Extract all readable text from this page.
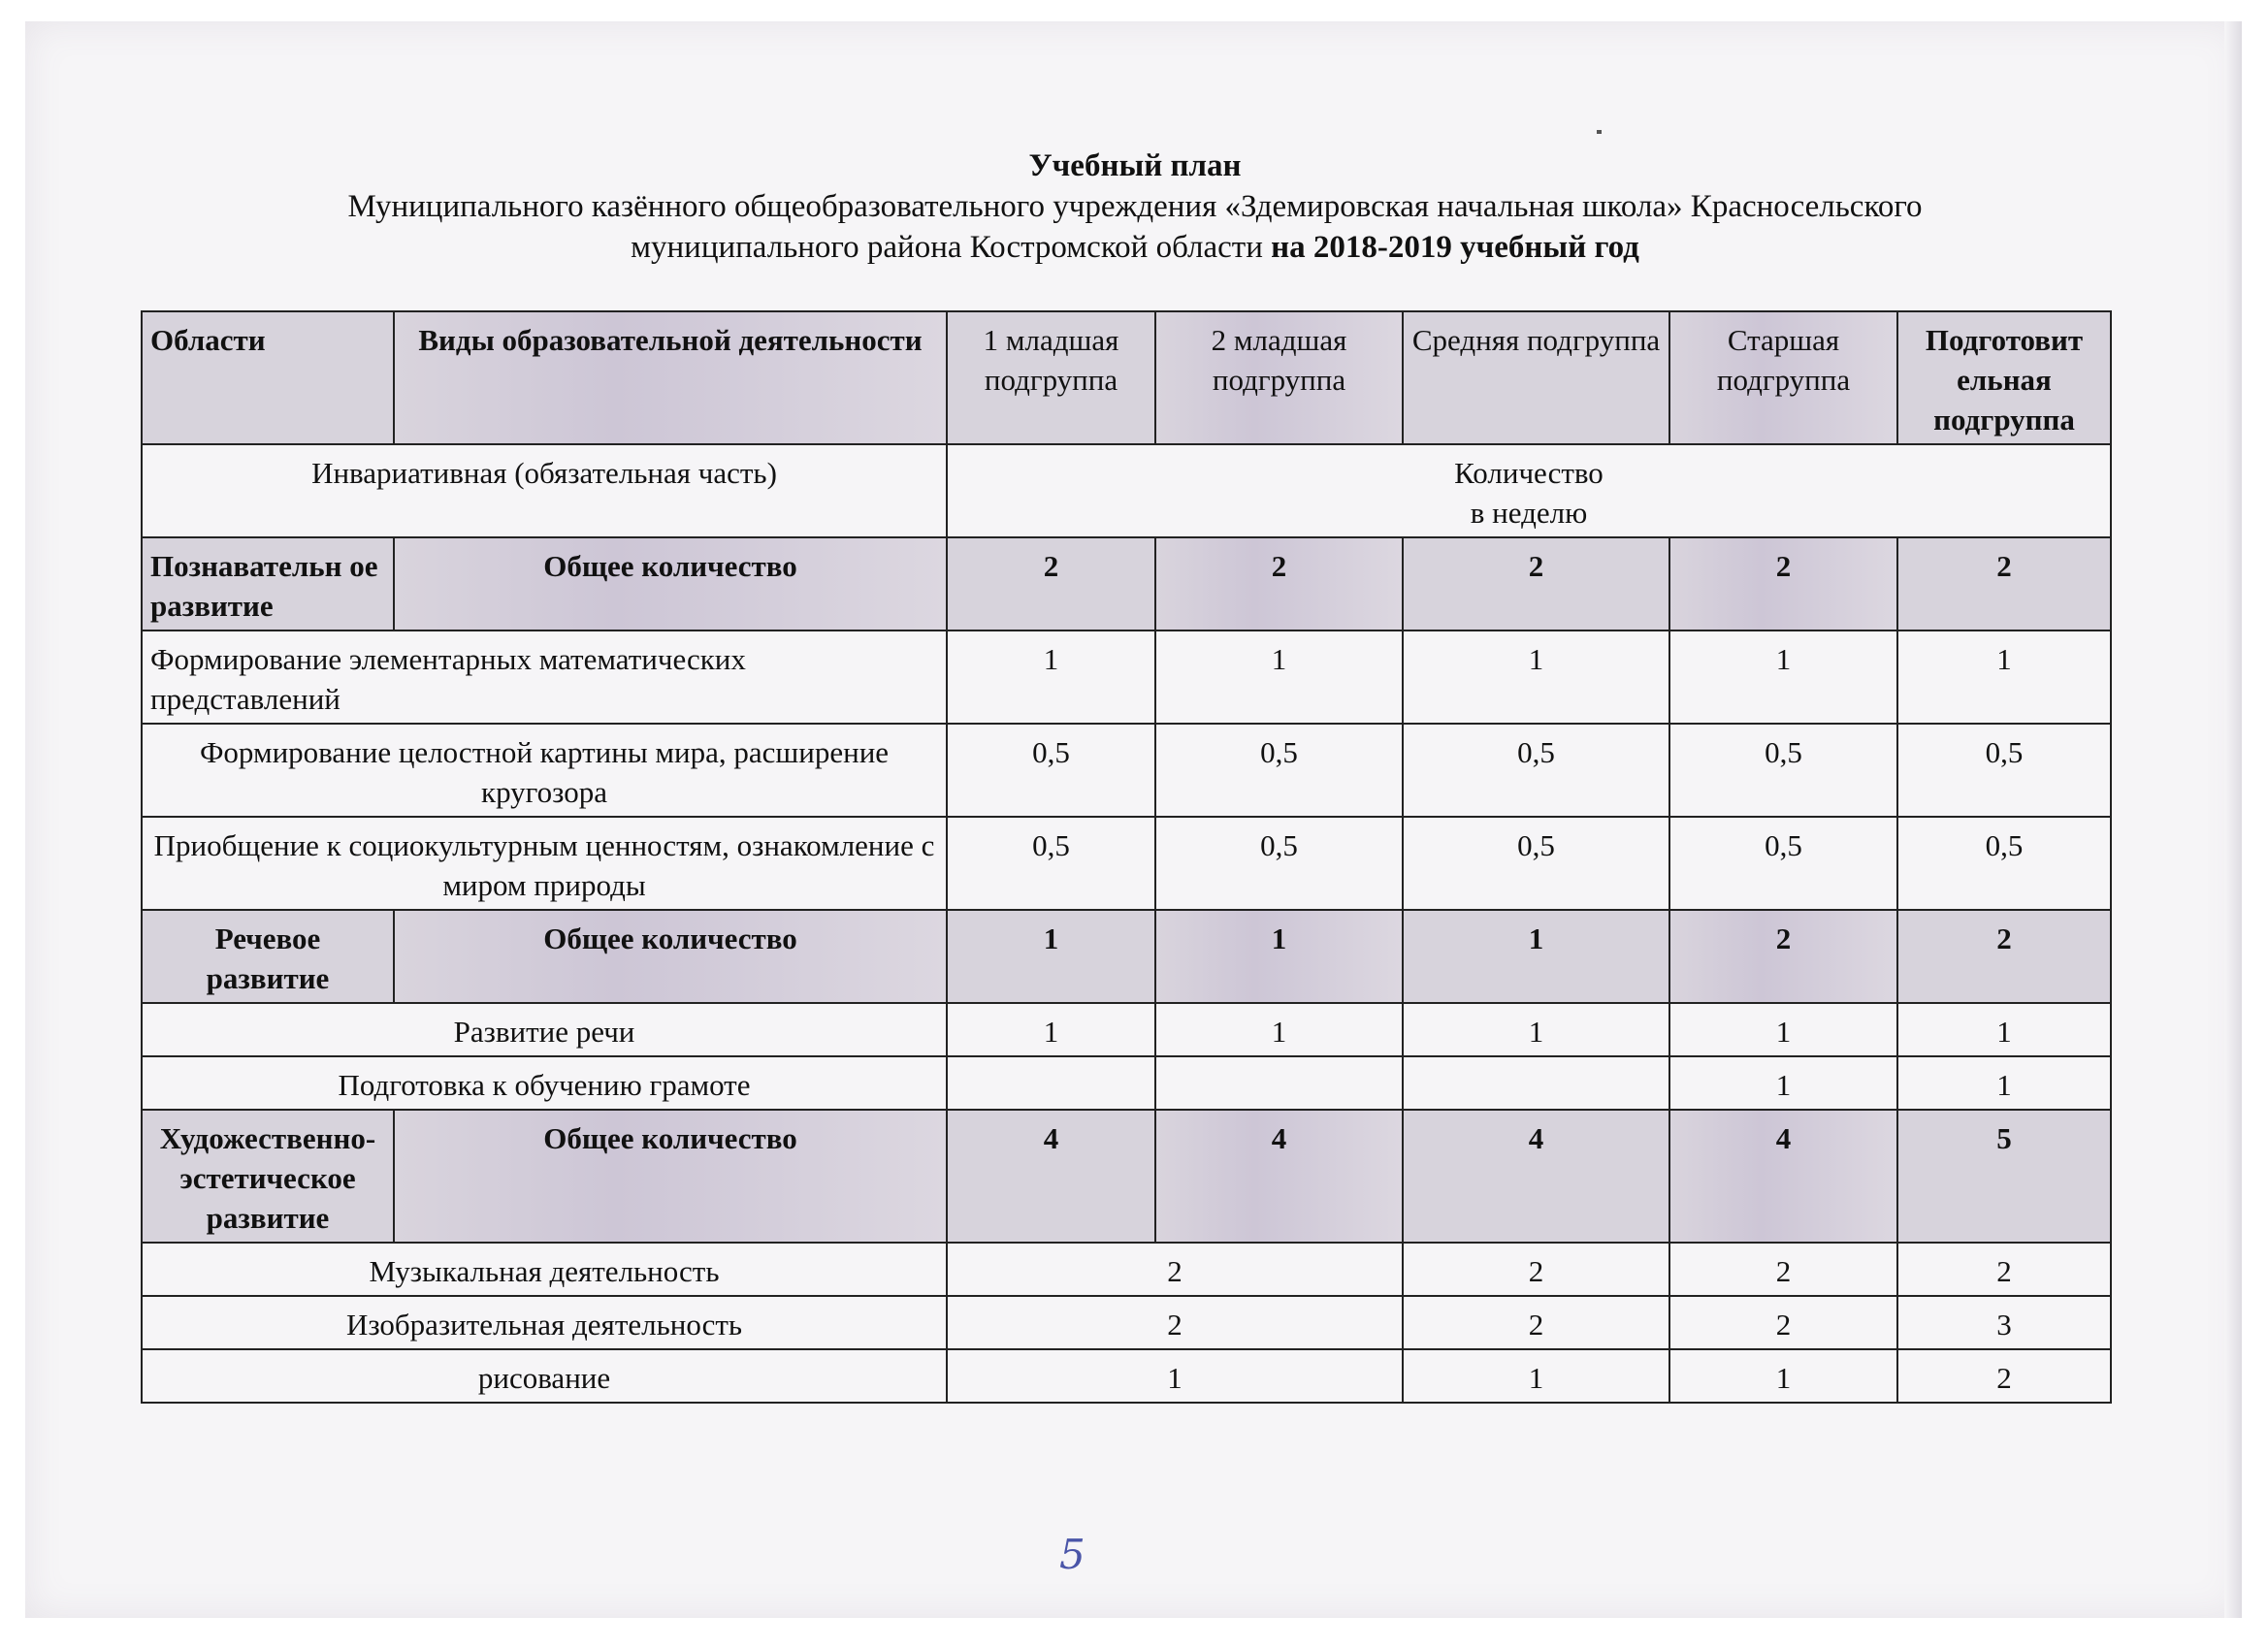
Учебный план
Муниципального казённого общеобразовательного учреждения «Здемировская начальная школа» Красносельского
муниципального района Костромской области на 2018-2019 учебный год
Области	Виды образовательной деятельности	1 младшая подгруппа	2 младшая подгруппа	Средняя подгруппа	Старшая подгруппа	Подготовит ельная подгруппа
Инвариативная (обязательная часть)		Количество
в неделю				

Познавательн ое развитие	Общее количество	2	2	2	2	2
Формирование элементарных математических представлений		1	1	1	1	1
Формирование целостной картины мира, расширение кругозора		0,5	0,5	0,5	0,5	0,5
Приобщение к социокультурным ценностям, ознакомление с миром природы		0,5	0,5	0,5	0,5	0,5
Речевое развитие	Общее количество	1	1	1	2	2
Развитие речи		1	1	1	1	1
Подготовка к обучению грамоте					1	1
Художественно-эстетическое развитие	Общее количество	4	4	4	4	5
Музыкальная деятельность		2		2	2	2
Изобразительная деятельность		2		2	2	3
рисование		1		1	1	2
5
